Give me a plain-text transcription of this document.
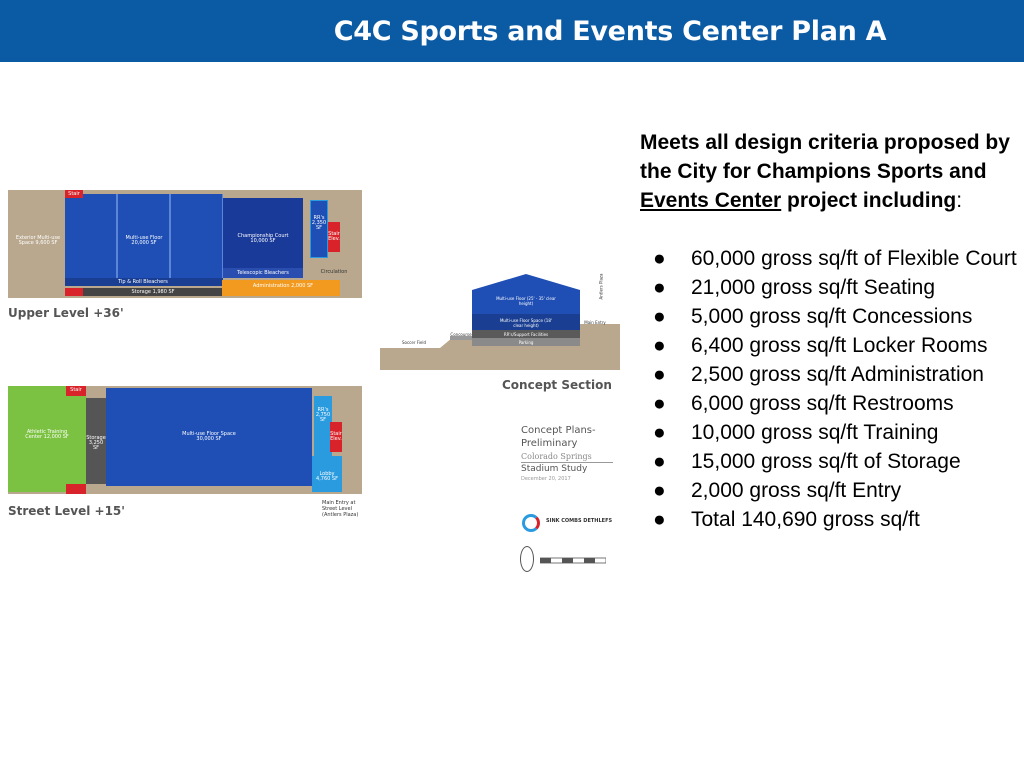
C4C Sports and Events Center Plan A
Exterior Multi-use Space 9,600 SF
Multi-use Floor 20,000 SF
Stair
Tip & Roll Bleachers
Storage 1,980 SF
Championship Court 10,000 SF
Telescopic Bleachers
Administration 2,000 SF
RR's 2,350 SF
Stair Elev.
Circulation
Upper Level +36'
Athletic Training Center 12,000 SF
Stair
Storage 3,250 SF
Multi-use Floor Space 30,000 SF
RR's 2,750 SF
Stair Elev.
Lobby 4,760 SF
Main Entry at Street Level (Antlers Plaza)
Street Level +15'
Multi-use Floor (25' - 35' clear height)
Multi-use Floor Space (18' clear height)
RR's/Support Facilities
Parking
Soccer Field
Concourse
Antlers Plaza
Main Entry
Concept Section
Concept Plans- Preliminary
Colorado Springs
Stadium Study
December 20, 2017
SINK COMBS DETHLEFS
Meets all design criteria proposed by the City for Champions Sports and Events Center project including:
● 60,000 gross sq/ft of Flexible Court
● 21,000 gross sq/ft Seating
● 5,000 gross sq/ft Concessions
● 6,400 gross sq/ft Locker Rooms
● 2,500 gross sq/ft Administration
● 6,000 gross sq/ft Restrooms
● 10,000 gross sq/ft Training
● 15,000 gross sq/ft of Storage
● 2,000 gross sq/ft Entry
● Total 140,690 gross sq/ft
